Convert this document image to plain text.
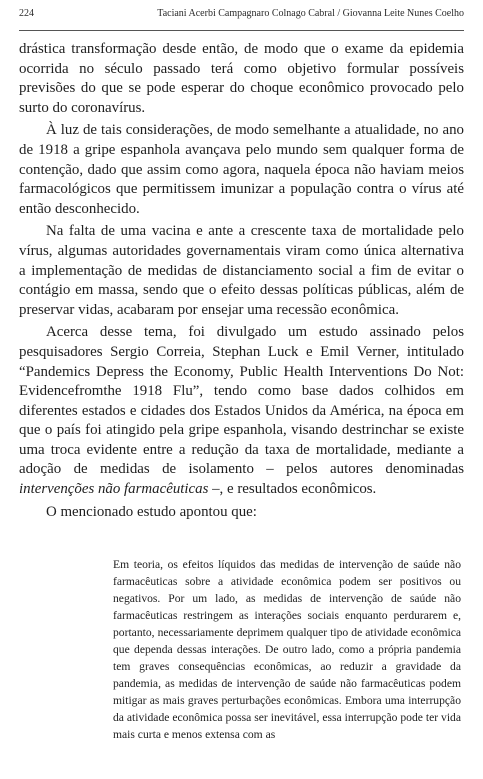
224	Taciani Acerbi Campagnaro Colnago Cabral / Giovanna Leite Nunes Coelho

drástica transformação desde então, de modo que o exame da epidemia ocorrida no século passado terá como objetivo formular possíveis previsões do que se pode esperar do choque econômico provocado pelo surto do coronavírus.

À luz de tais considerações, de modo semelhante a atualidade, no ano de 1918 a gripe espanhola avançava pelo mundo sem qualquer forma de contenção, dado que assim como agora, naquela época não haviam meios farmacológicos que permitissem imunizar a população contra o vírus até então desconhecido.

Na falta de uma vacina e ante a crescente taxa de mortalidade pelo vírus, algumas autoridades governamentais viram como única alternativa a implementação de medidas de distanciamento social a fim de evitar o contágio em massa, sendo que o efeito dessas políticas públicas, além de preservar vidas, acabaram por ensejar uma recessão econômica.

Acerca desse tema, foi divulgado um estudo assinado pelos pesquisadores Sergio Correia, Stephan Luck e Emil Verner, intitulado “Pandemics Depress the Economy, Public Health Interventions Do Not: Evidencefromthe 1918 Flu”, tendo como base dados colhidos em diferentes estados e cidades dos Estados Unidos da América, na época em que o país foi atingido pela gripe espanhola, visando destrinchar se existe uma troca evidente entre a redução da taxa de mortalidade, mediante a adoção de medidas de isolamento – pelos autores denominadas intervenções não farmacêuticas –, e resultados econômicos.

O mencionado estudo apontou que:

Em teoria, os efeitos líquidos das medidas de intervenção de saúde não farmacêuticas sobre a atividade econômica podem ser positivos ou negativos. Por um lado, as medidas de intervenção de saúde não farmacêuticas restringem as interações sociais enquanto perdurarem e, portanto, necessariamente deprimem qualquer tipo de atividade econômica que dependa dessas interações. De outro lado, como a própria pandemia tem graves consequências econômicas, ao reduzir a gravidade da pandemia, as medidas de intervenção de saúde não farmacêuticas podem mitigar as mais graves perturbações econômicas. Embora uma interrupção da atividade econômica possa ser inevitável, essa interrupção pode ter vida mais curta e menos extensa com as
